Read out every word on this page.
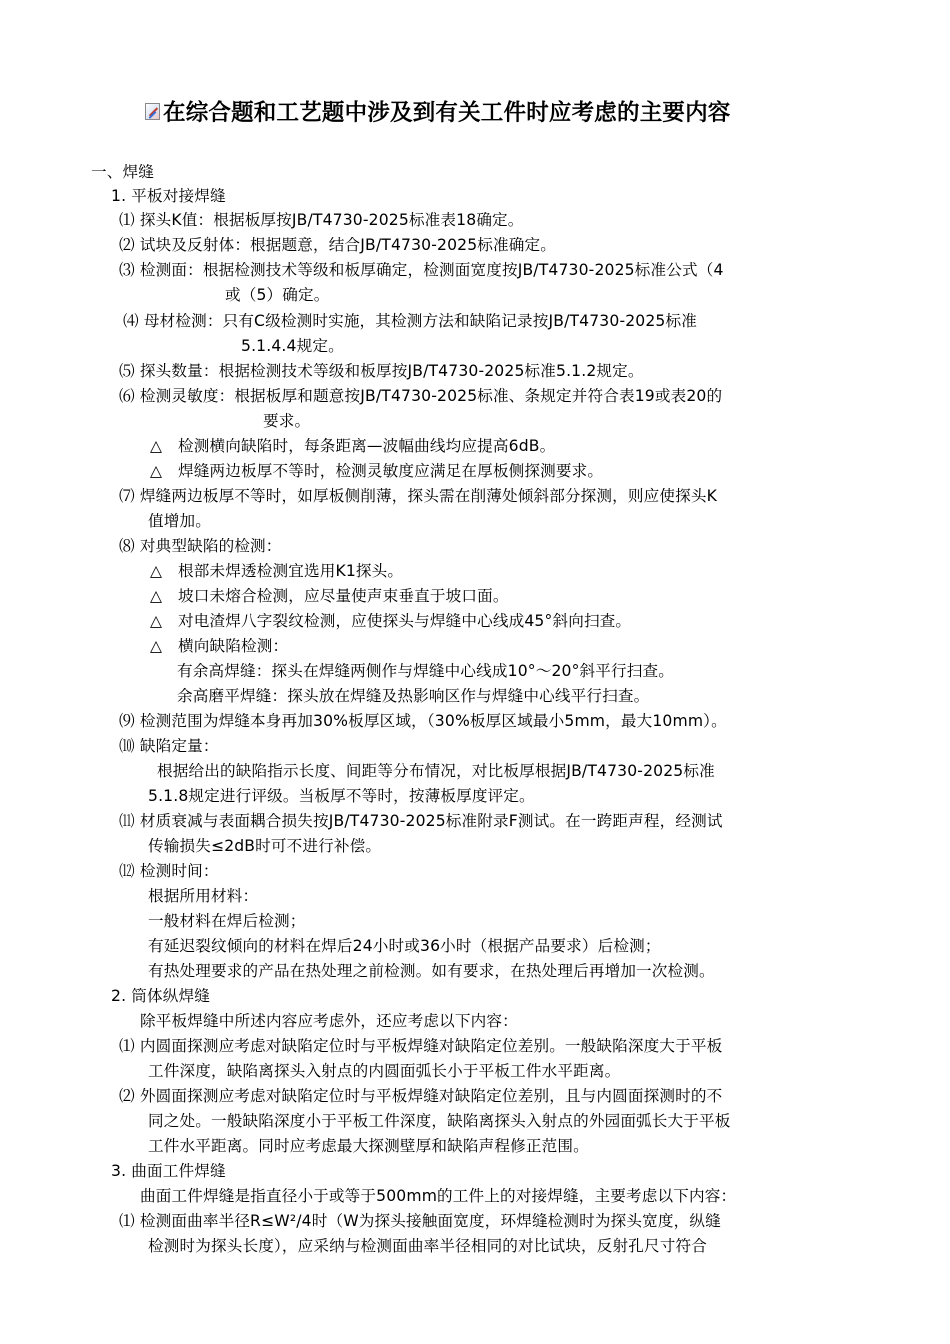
在综合题和工艺题中涉及到有关工件时应考虑的主要内容
一、焊缝
1. 平板对接焊缝
⑴ 探头K值：根据板厚按JB/T4730-2025标准表18确定。
⑵ 试块及反射体：根据题意，结合JB/T4730-2025标准确定。
⑶ 检测面：根据检测技术等级和板厚确定，检测面宽度按JB/T4730-2025标准公式（4
或（5）确定。
⑷ 母材检测：只有C级检测时实施，其检测方法和缺陷记录按JB/T4730-2025标准
5.1.4.4规定。
⑸ 探头数量：根据检测技术等级和板厚按JB/T4730-2025标准5.1.2规定。
⑹ 检测灵敏度：根据板厚和题意按JB/T4730-2025标准、条规定并符合表19或表20的
要求。
△ 检测横向缺陷时，每条距离—波幅曲线均应提高6dB。
△ 焊缝两边板厚不等时，检测灵敏度应满足在厚板侧探测要求。
⑺ 焊缝两边板厚不等时，如厚板侧削薄，探头需在削薄处倾斜部分探测，则应使探头K
值增加。
⑻ 对典型缺陷的检测：
△ 根部未焊透检测宜选用K1探头。
△ 坡口未熔合检测，应尽量使声束垂直于坡口面。
△ 对电渣焊八字裂纹检测，应使探头与焊缝中心线成45°斜向扫查。
△ 横向缺陷检测：
有余高焊缝：探头在焊缝两侧作与焊缝中心线成10°～20°斜平行扫查。
余高磨平焊缝：探头放在焊缝及热影响区作与焊缝中心线平行扫查。
⑼ 检测范围为焊缝本身再加30%板厚区域，（30%板厚区域最小5mm，最大10mm）。
⑽ 缺陷定量：
根据给出的缺陷指示长度、间距等分布情况，对比板厚根据JB/T4730-2025标准
5.1.8规定进行评级。当板厚不等时，按薄板厚度评定。
⑾ 材质衰减与表面耦合损失按JB/T4730-2025标准附录F测试。在一跨距声程，经测试
传输损失≤2dB时可不进行补偿。
⑿ 检测时间：
根据所用材料：
一般材料在焊后检测；
有延迟裂纹倾向的材料在焊后24小时或36小时（根据产品要求）后检测；
有热处理要求的产品在热处理之前检测。如有要求，在热处理后再增加一次检测。
2. 筒体纵焊缝
除平板焊缝中所述内容应考虑外，还应考虑以下内容：
⑴ 内圆面探测应考虑对缺陷定位时与平板焊缝对缺陷定位差别。一般缺陷深度大于平板
工件深度，缺陷离探头入射点的内圆面弧长小于平板工件水平距离。
⑵ 外圆面探测应考虑对缺陷定位时与平板焊缝对缺陷定位差别，且与内圆面探测时的不
同之处。一般缺陷深度小于平板工件深度，缺陷离探头入射点的外园面弧长大于平板
工件水平距离。同时应考虑最大探测壁厚和缺陷声程修正范围。
3. 曲面工件焊缝
曲面工件焊缝是指直径小于或等于500mm的工件上的对接焊缝，主要考虑以下内容：
⑴ 检测面曲率半径R≤W²/4时（W为探头接触面宽度，环焊缝检测时为探头宽度，纵缝
检测时为探头长度），应采纳与检测面曲率半径相同的对比试块，反射孔尺寸符合
